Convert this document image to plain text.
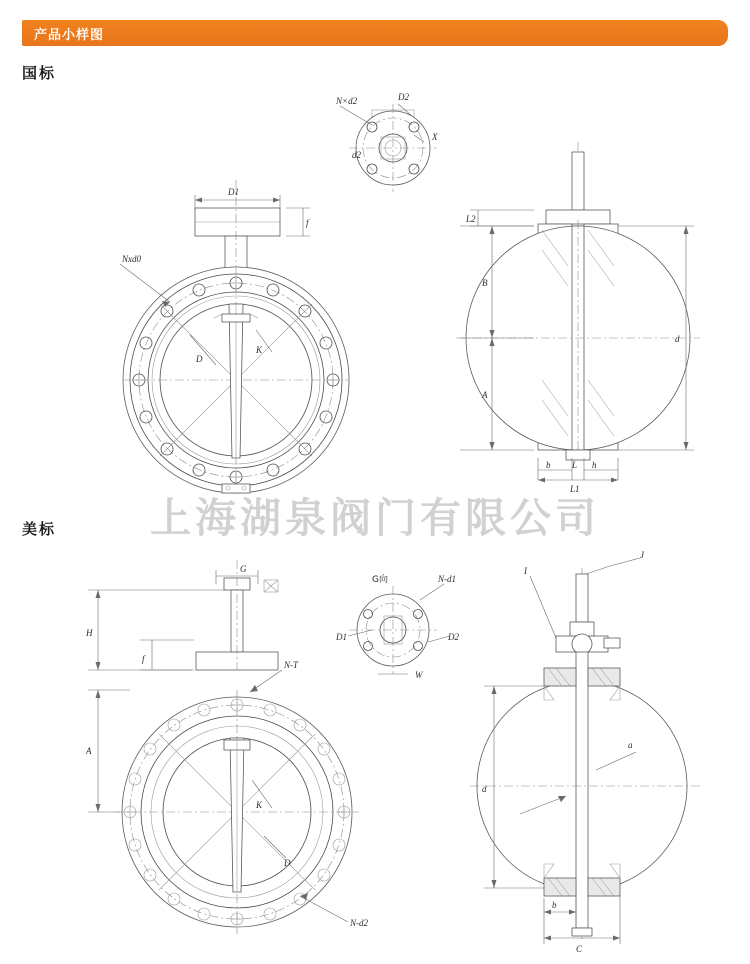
产品小样图
国标
美标	上海湖泉阀门有限公司
D1
f
D
K
Nxd0
N×d2	D2
d2
X
L2
B
A
d
b	h
L
L1
G
H
f
A
N-T
K
D
N-d2
G向	N-d1
D1	D2
W
J
I
a
d
b
C
